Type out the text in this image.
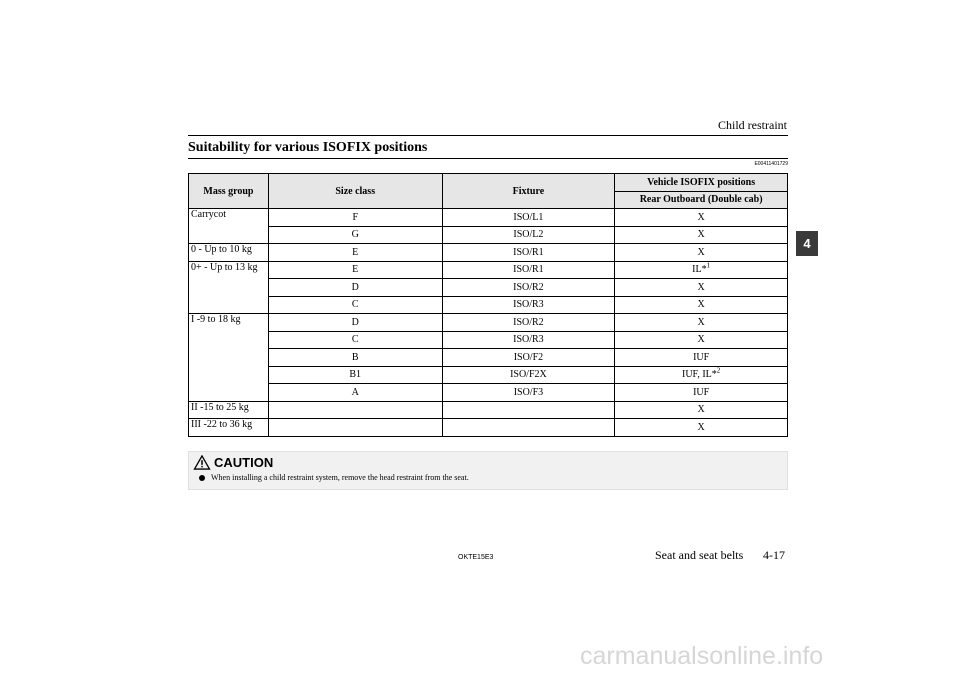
Child restraint
4
Suitability for various ISOFIX positions
E00411401729
Mass group	Size class	Fixture	Vehicle ISOFIX positions
			Rear Outboard (Double cab)
Carrycot	F	ISO/L1	X
	G	ISO/L2	X
0 - Up to 10 kg	E	ISO/R1	X
0+ - Up to 13 kg	E	ISO/R1	IL*$^1$
	D	ISO/R2	X
	C	ISO/R3	X
I -9 to 18 kg	D	ISO/R2	X
	C	ISO/R3	X
	B	ISO/F2	IUF
	B1	ISO/F2X	IUF, IL*$^2$
	A	ISO/F3	IUF
II -15 to 25 kg			X
III -22 to 36 kg			X
CAUTION
When installing a child restraint system, remove the head restraint from the seat.
OKTE15E3	Seat and seat belts 4-17
carmanualsonline.info
